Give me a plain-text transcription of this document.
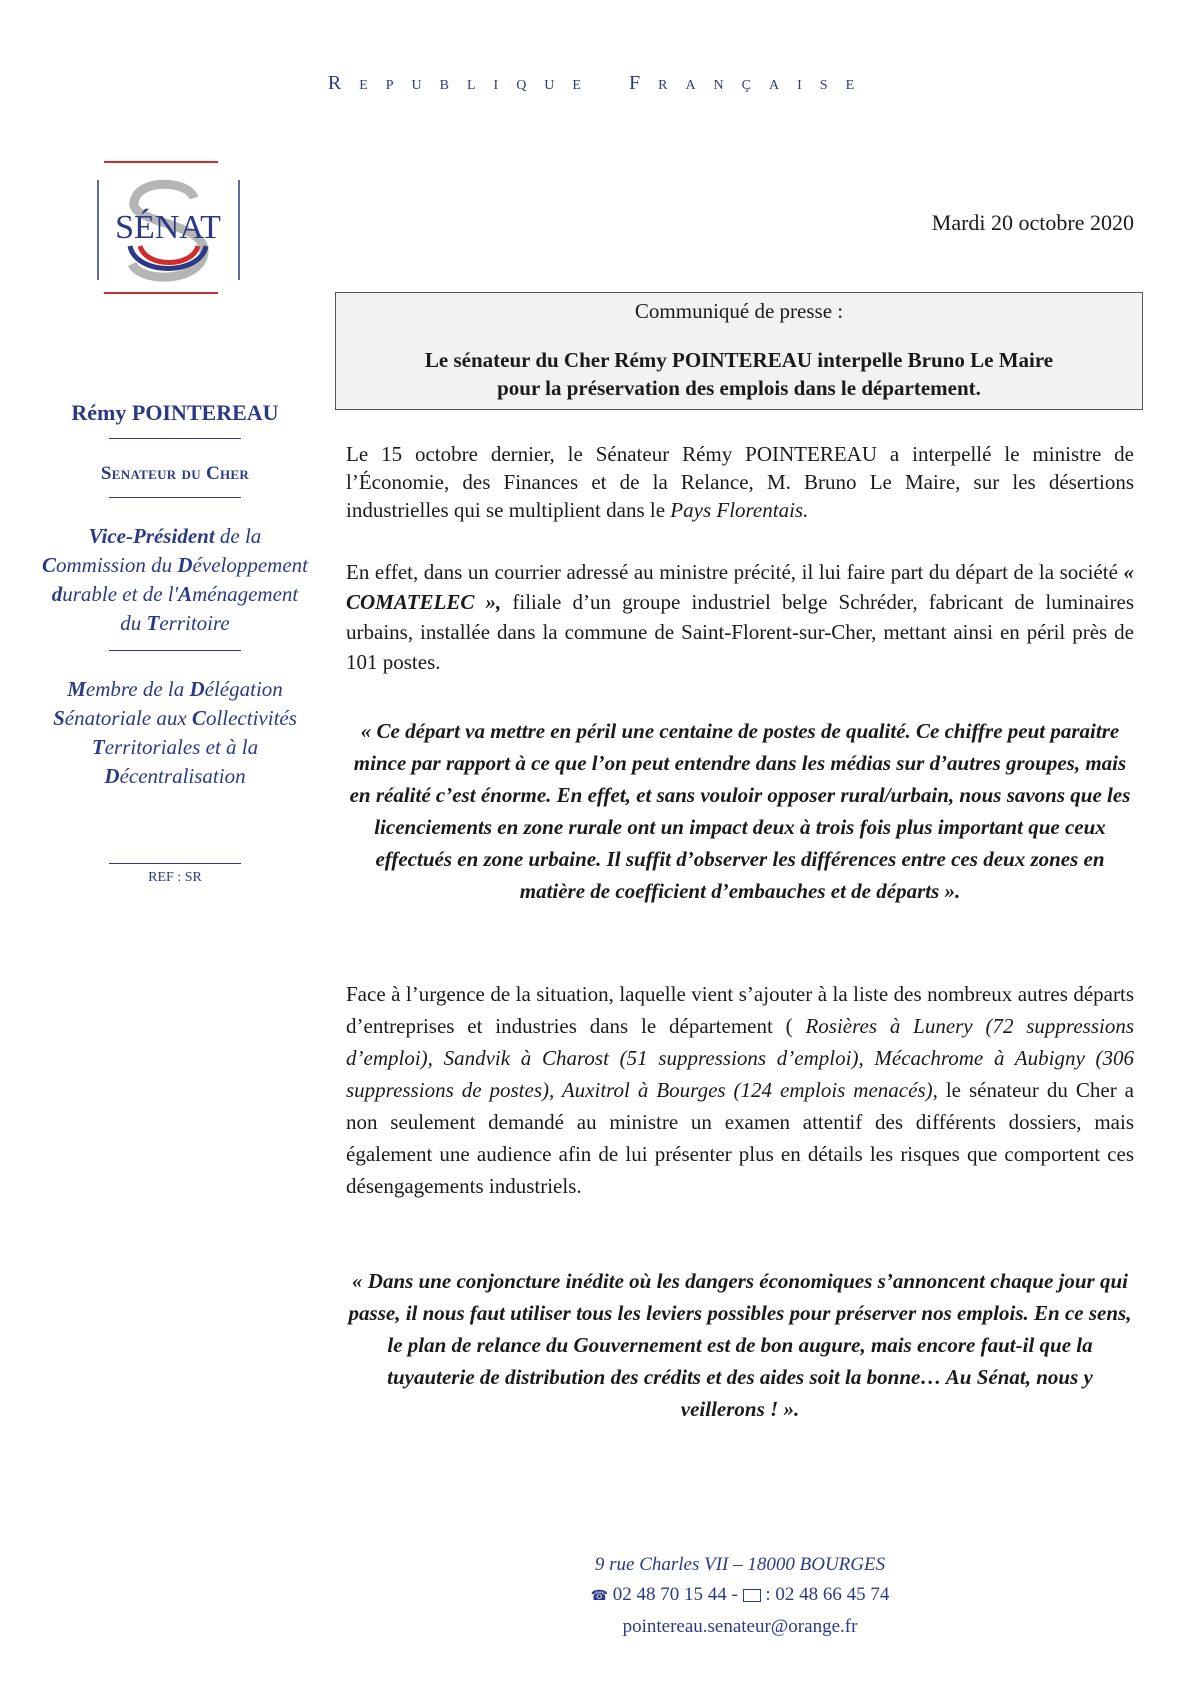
Republique Française
SÉNAT

Rémy POINTEREAU

Senateur du Cher

Vice-Président de la Commission du Développement durable et de l'Aménagement du Territoire

Membre de la Délégation Sénatoriale aux Collectivités Territoriales et à la Décentralisation

REF : SR
Mardi 20 octobre 2020

Communiqué de presse :

Le sénateur du Cher Rémy POINTEREAU interpelle Bruno Le Maire
pour la préservation des emplois dans le département.

Le 15 octobre dernier, le Sénateur Rémy POINTEREAU a interpellé le ministre de l’Économie, des Finances et de la Relance, M. Bruno Le Maire, sur les désertions industrielles qui se multiplient dans le Pays Florentais.

En effet, dans un courrier adressé au ministre précité, il lui faire part du départ de la société « COMATELEC », filiale d’un groupe industriel belge Schréder, fabricant de luminaires urbains, installée dans la commune de Saint-Florent-sur-Cher, mettant ainsi en péril près de 101 postes.

« Ce départ va mettre en péril une centaine de postes de qualité. Ce chiffre peut paraitre mince par rapport à ce que l’on peut entendre dans les médias sur d’autres groupes, mais en réalité c’est énorme. En effet, et sans vouloir opposer rural/urbain, nous savons que les licenciements en zone rurale ont un impact deux à trois fois plus important que ceux effectués en zone urbaine. Il suffit d’observer les différences entre ces deux zones en matière de coefficient d’embauches et de départs ».

Face à l’urgence de la situation, laquelle vient s’ajouter à la liste des nombreux autres départs d’entreprises et industries dans le département ( Rosières à Lunery (72 suppressions d’emploi), Sandvik à Charost (51 suppressions d’emploi), Mécachrome à Aubigny (306 suppressions de postes), Auxitrol à Bourges (124 emplois menacés), le sénateur du Cher a non seulement demandé au ministre un examen attentif des différents dossiers, mais également une audience afin de lui présenter plus en détails les risques que comportent ces désengagements industriels.

« Dans une conjoncture inédite où les dangers économiques s’annoncent chaque jour qui passe, il nous faut utiliser tous les leviers possibles pour préserver nos emplois. En ce sens, le plan de relance du Gouvernement est de bon augure, mais encore faut-il que la tuyauterie de distribution des crédits et des aides soit la bonne… Au Sénat, nous y veillerons ! ».

9 rue Charles VII – 18000 BOURGES
☎ 02 48 70 15 44 -  : 02 48 66 45 74
pointereau.senateur@orange.fr
